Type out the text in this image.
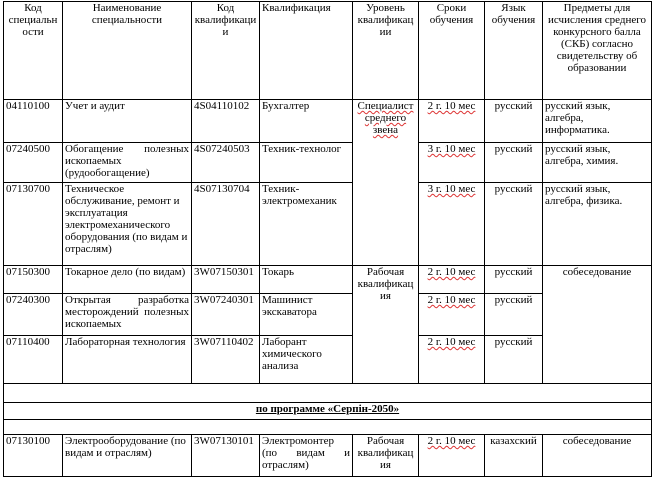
Код специальности	Наименование специальности	Код квалификации	Квалификация	Уровень квалификации	Сроки обучения	Язык обучения	Предметы для исчисления среднего конкурсного балла (СКБ) согласно свидетельству об образовании
04110100	Учет и аудит	4S04110102	Бухгалтер	Специалист среднего звена	2 г. 10 мес	русский	русский язык, алгебра, информатика.
07240500	Обогащение полезных ископаемых (рудообогащение)	4S07240503	Техник-технолог		3 г. 10 мес	русский	русский язык, алгебра, химия.
07130700	Техническое обслуживание, ремонт и эксплуатация электромеханического оборудования (по видам и отраслям)	4S07130704	Техник-электромеханик		3 г. 10 мес	русский	русский язык, алгебра, физика.
07150300	Токарное дело (по видам)	3W07150301	Токарь	Рабочая квалификация	2 г. 10 мес	русский	собеседование
07240300	Открытая разработка месторождений полезных ископаемых	3W07240301	Машинист экскаватора		2 г. 10 мес	русский	
07110400	Лабораторная технология	3W07110402	Лаборант химического анализа		2 г. 10 мес	русский	

по программе «Серпін-2050»							

07130100	Электрооборудование (по видам и отраслям)	3W07130101	Электромонтер (по видам и отраслям)	Рабочая квалификация	2 г. 10 мес	казахский	собеседование
